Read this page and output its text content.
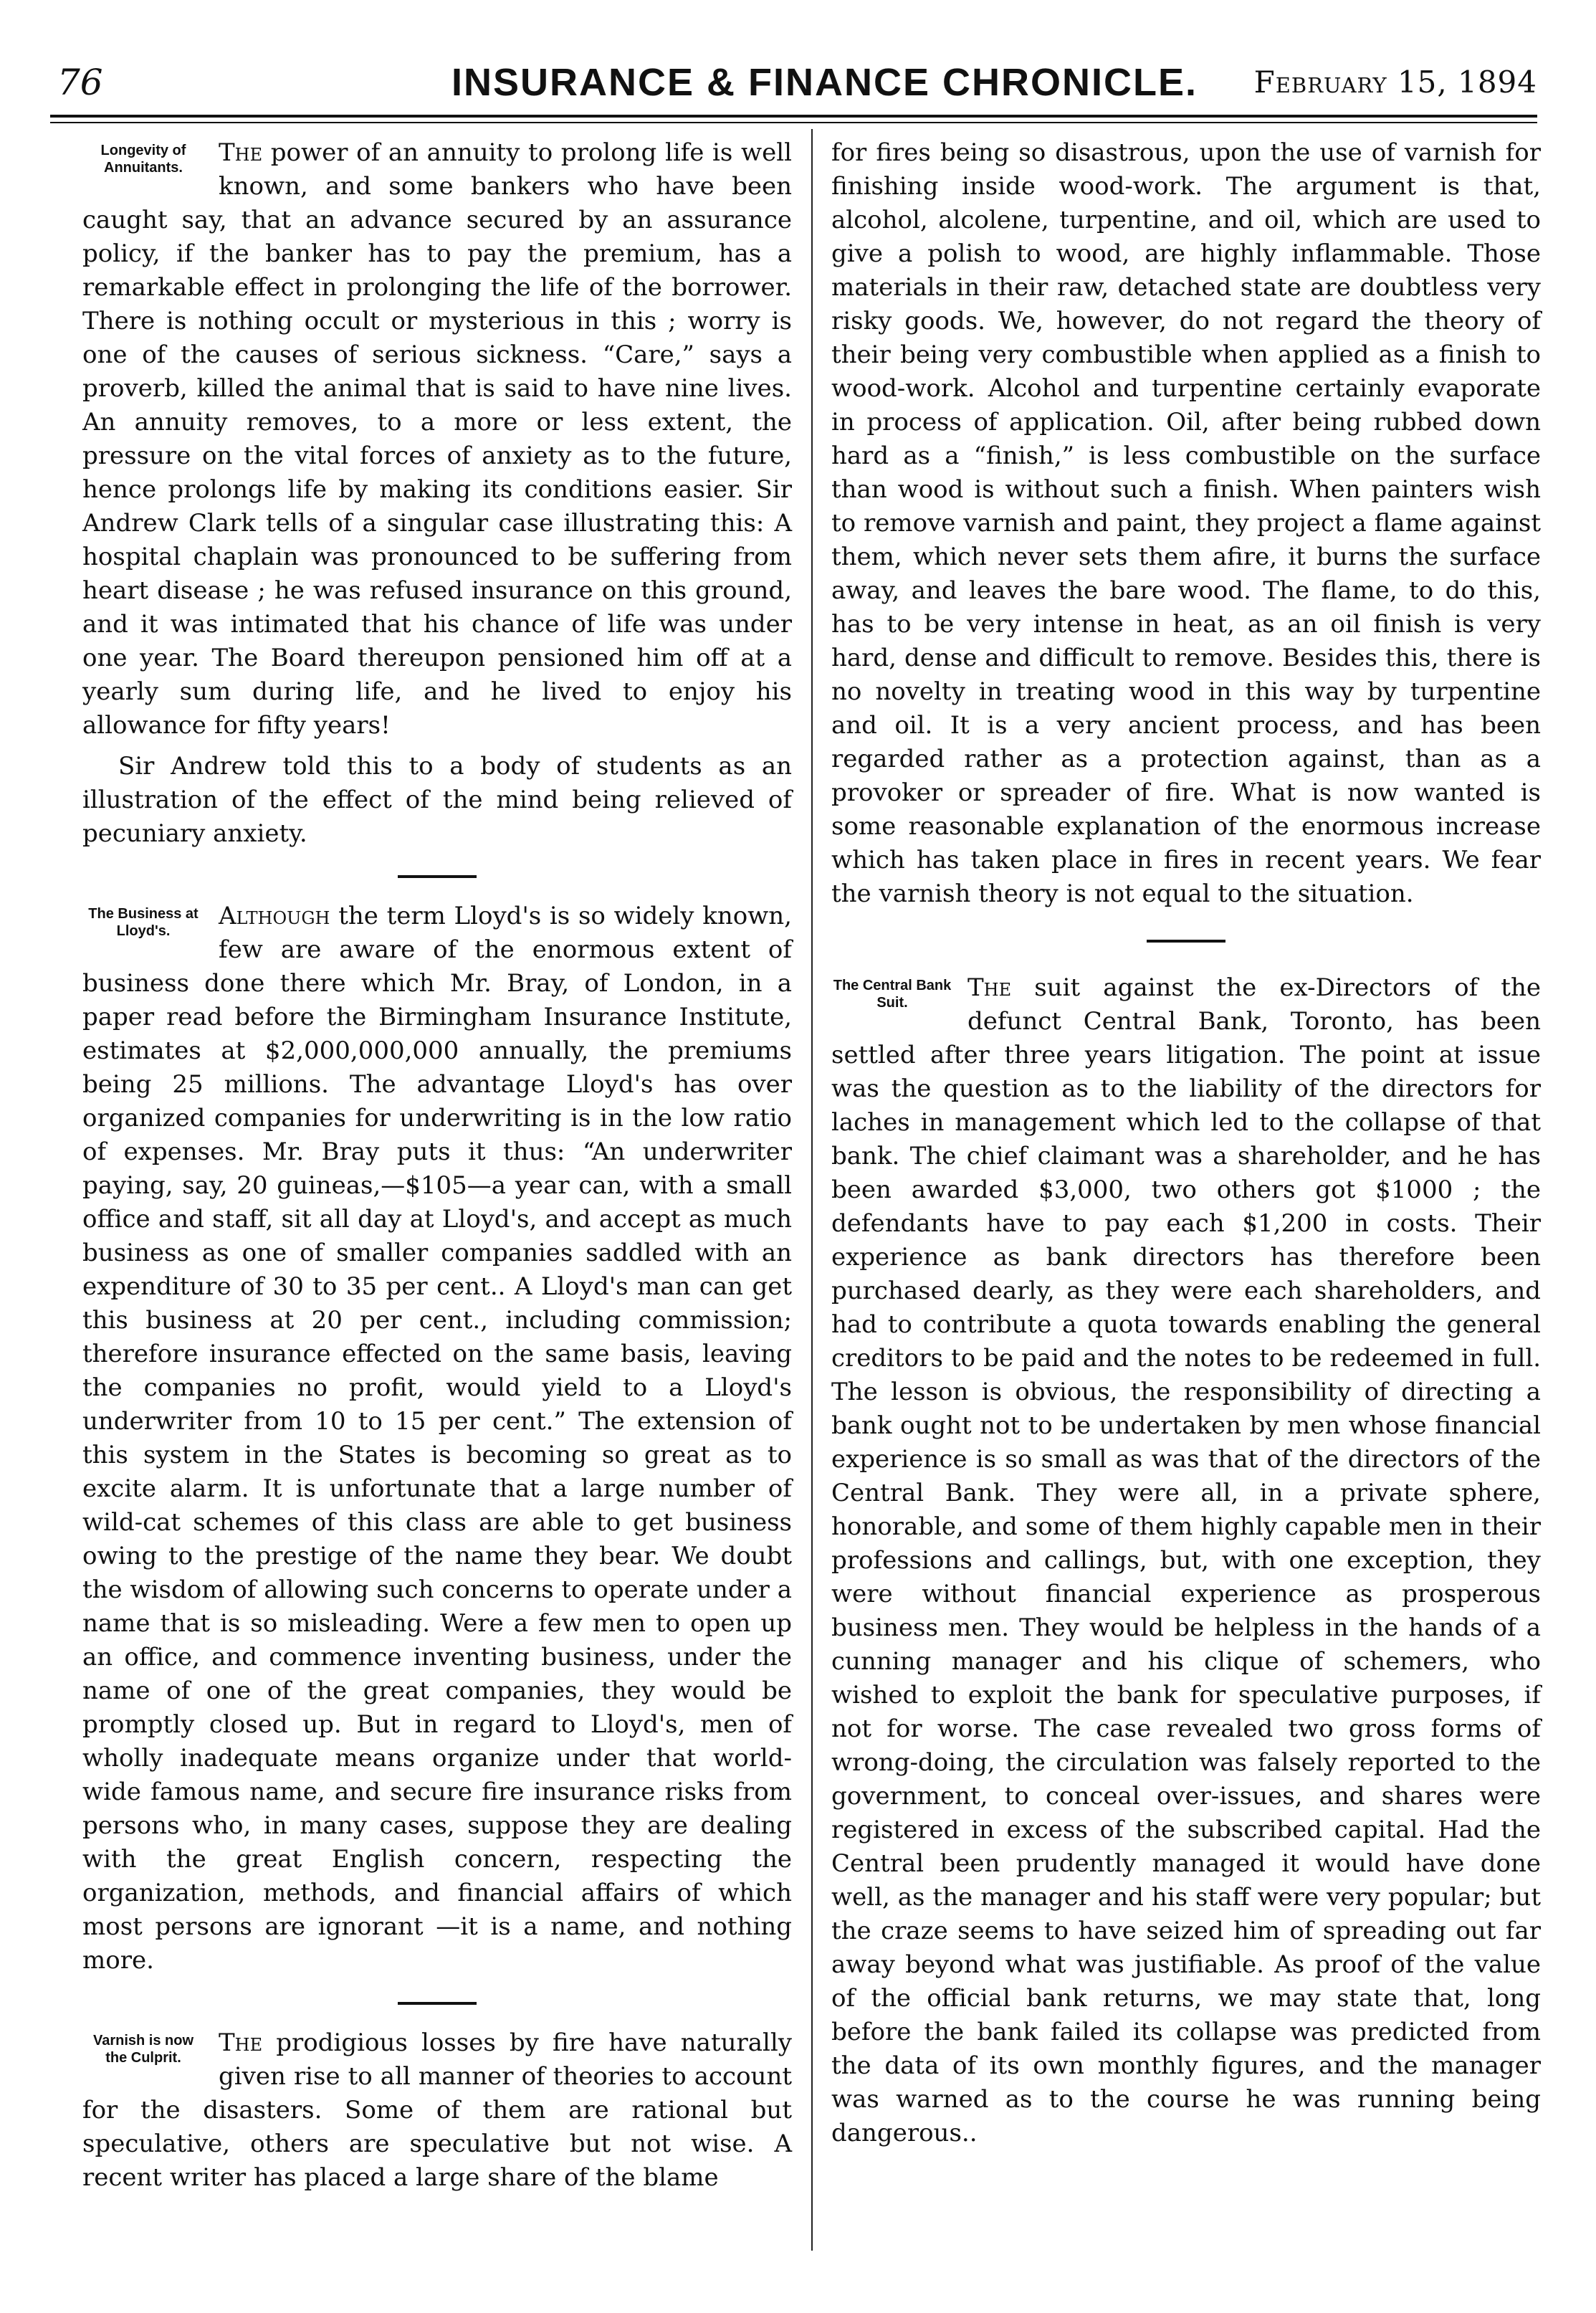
76	INSURANCE & FINANCE CHRONICLE. February 15, 1894
Longevity of Annuitants.

The power of an annuity to prolong life is well known, and some bankers who have been caught say, that an advance secured by an assurance policy, if the banker has to pay the premium, has a remarkable effect in prolonging the life of the borrower. There is nothing occult or mysterious in this ; worry is one of the causes of serious sickness. “Care,” says a proverb, killed the animal that is said to have nine lives. An annuity removes, to a more or less extent, the pressure on the vital forces of anxiety as to the future, hence prolongs life by making its conditions easier. Sir Andrew Clark tells of a singular case illustrating this: A hospital chaplain was pronounced to be suffering from heart disease ; he was refused insurance on this ground, and it was intimated that his chance of life was under one year. The Board thereupon pensioned him off at a yearly sum during life, and he lived to enjoy his allowance for fifty years!

Sir Andrew told this to a body of students as an illustration of the effect of the mind being relieved of pecuniary anxiety.

The Business at Lloyd's.

Although the term Lloyd's is so widely known, few are aware of the enormous extent of business done there which Mr. Bray, of London, in a paper read before the Birmingham Insurance Institute, estimates at $2,000,000,000 annually, the premiums being 25 millions. The advantage Lloyd's has over organized companies for underwriting is in the low ratio of expenses. Mr. Bray puts it thus: “An underwriter paying, say, 20 guineas,—$105—a year can, with a small office and staff, sit all day at Lloyd's, and accept as much business as one of smaller companies saddled with an expenditure of 30 to 35 per cent.. A Lloyd's man can get this business at 20 per cent., including commission; therefore insurance effected on the same basis, leaving the companies no profit, would yield to a Lloyd's underwriter from 10 to 15 per cent.” The extension of this system in the States is becoming so great as to excite alarm. It is unfortunate that a large number of wild-cat schemes of this class are able to get business owing to the prestige of the name they bear. We doubt the wisdom of allowing such concerns to operate under a name that is so misleading. Were a few men to open up an office, and commence inventing business, under the name of one of the great companies, they would be promptly closed up. But in regard to Lloyd's, men of wholly inadequate means organize under that world-wide famous name, and secure fire insurance risks from persons who, in many cases, suppose they are dealing with the great English concern, respecting the organization, methods, and financial affairs of which most persons are ignorant —it is a name, and nothing more.

Varnish is now the Culprit.

The prodigious losses by fire have naturally given rise to all manner of theories to account for the disasters. Some of them are rational but speculative, others are speculative but not wise. A recent writer has placed a large share of the blame

for fires being so disastrous, upon the use of varnish for finishing inside wood-work. The argument is that, alcohol, alcolene, turpentine, and oil, which are used to give a polish to wood, are highly inflammable. Those materials in their raw, detached state are doubtless very risky goods. We, however, do not regard the theory of their being very combustible when applied as a finish to wood-work. Alcohol and turpentine certainly evaporate in process of application. Oil, after being rubbed down hard as a “finish,” is less combustible on the surface than wood is without such a finish. When painters wish to remove varnish and paint, they project a flame against them, which never sets them afire, it burns the surface away, and leaves the bare wood. The flame, to do this, has to be very intense in heat, as an oil finish is very hard, dense and difficult to remove. Besides this, there is no novelty in treating wood in this way by turpentine and oil. It is a very ancient process, and has been regarded rather as a protection against, than as a provoker or spreader of fire. What is now wanted is some reasonable explanation of the enormous increase which has taken place in fires in recent years. We fear the varnish theory is not equal to the situation.

The Central Bank Suit.

The suit against the ex-Directors of the defunct Central Bank, Toronto, has been settled after three years litigation. The point at issue was the question as to the liability of the directors for laches in management which led to the collapse of that bank. The chief claimant was a shareholder, and he has been awarded $3,000, two others got $1000 ; the defendants have to pay each $1,200 in costs. Their experience as bank directors has therefore been purchased dearly, as they were each shareholders, and had to contribute a quota towards enabling the general creditors to be paid and the notes to be redeemed in full. The lesson is obvious, the responsibility of directing a bank ought not to be undertaken by men whose financial experience is so small as was that of the directors of the Central Bank. They were all, in a private sphere, honorable, and some of them highly capable men in their professions and callings, but, with one exception, they were without financial experience as prosperous business men. They would be helpless in the hands of a cunning manager and his clique of schemers, who wished to exploit the bank for speculative purposes, if not for worse. The case revealed two gross forms of wrong-doing, the circulation was falsely reported to the government, to conceal over-issues, and shares were registered in excess of the subscribed capital. Had the Central been prudently managed it would have done well, as the manager and his staff were very popular; but the craze seems to have seized him of spreading out far away beyond what was justifiable. As proof of the value of the official bank returns, we may state that, long before the bank failed its collapse was predicted from the data of its own monthly figures, and the manager was warned as to the course he was running being dangerous..
